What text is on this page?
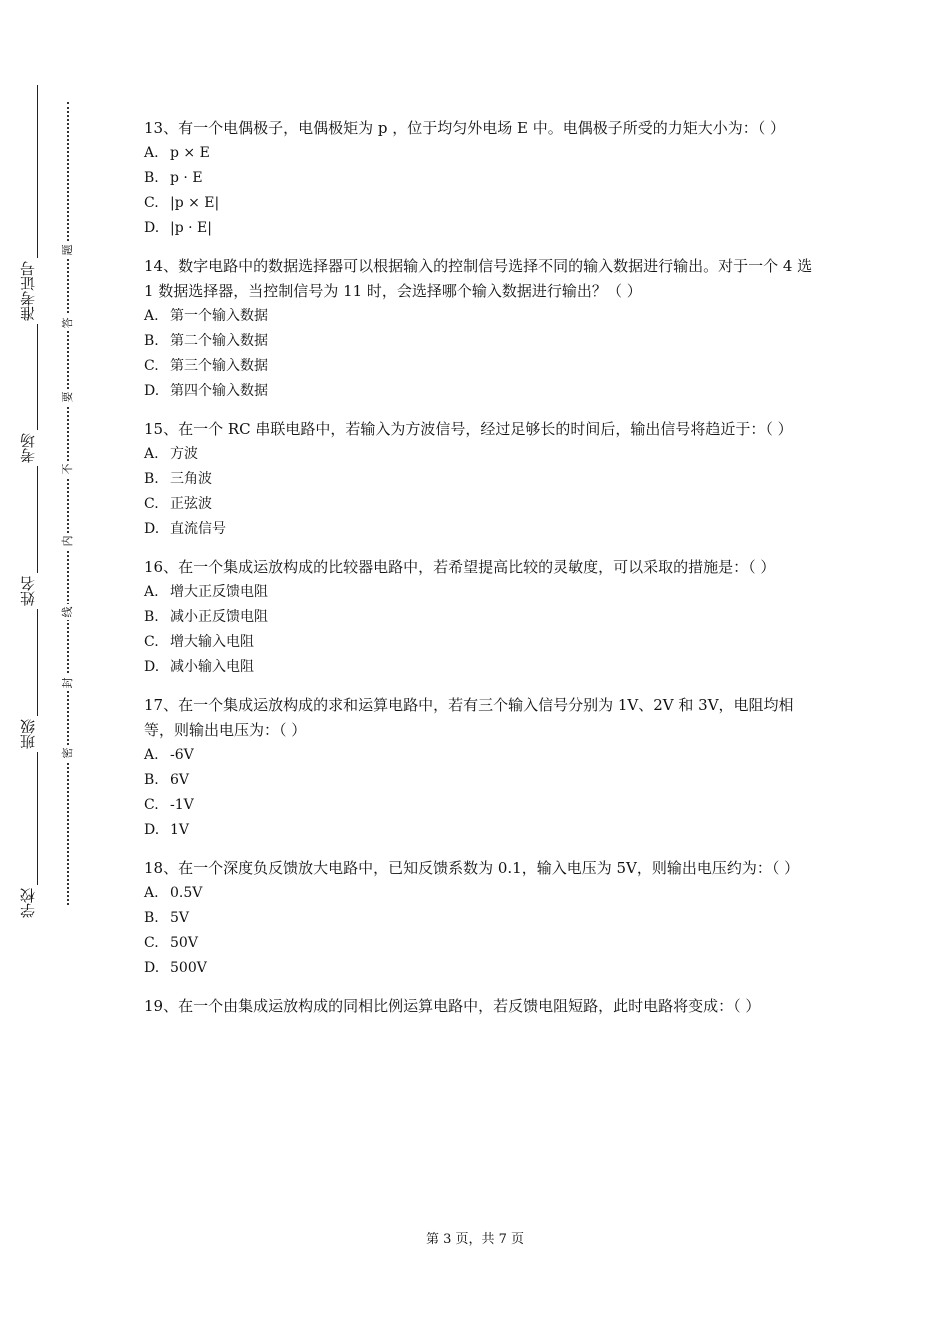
准考证号
考场
姓名
班级
学校
题
答
要
不
内
线
封
密
13、有一个电偶极子，电偶极矩为 p ，位于均匀外电场 E 中。电偶极子所受的力矩大小为：（ ）
A. p × E
B. p · E
C. |p × E|
D. |p · E|
14、数字电路中的数据选择器可以根据输入的控制信号选择不同的输入数据进行输出。对于一个 4 选 1 数据选择器，当控制信号为 11 时，会选择哪个输入数据进行输出？（ ）
A. 第一个输入数据
B. 第二个输入数据
C. 第三个输入数据
D. 第四个输入数据
15、在一个 RC 串联电路中，若输入为方波信号，经过足够长的时间后，输出信号将趋近于：（ ）
A. 方波
B. 三角波
C. 正弦波
D. 直流信号
16、在一个集成运放构成的比较器电路中，若希望提高比较的灵敏度，可以采取的措施是：（ ）
A. 增大正反馈电阻
B. 减小正反馈电阻
C. 增大输入电阻
D. 减小输入电阻
17、在一个集成运放构成的求和运算电路中，若有三个输入信号分别为 1V、2V 和 3V，电阻均相等，则输出电压为：（ ）
A. -6V
B. 6V
C. -1V
D. 1V
18、在一个深度负反馈放大电路中，已知反馈系数为 0.1，输入电压为 5V，则输出电压约为：（ ）
A. 0.5V
B. 5V
C. 50V
D. 500V
19、在一个由集成运放构成的同相比例运算电路中，若反馈电阻短路，此时电路将变成：（ ）
第 3 页，共 7 页
